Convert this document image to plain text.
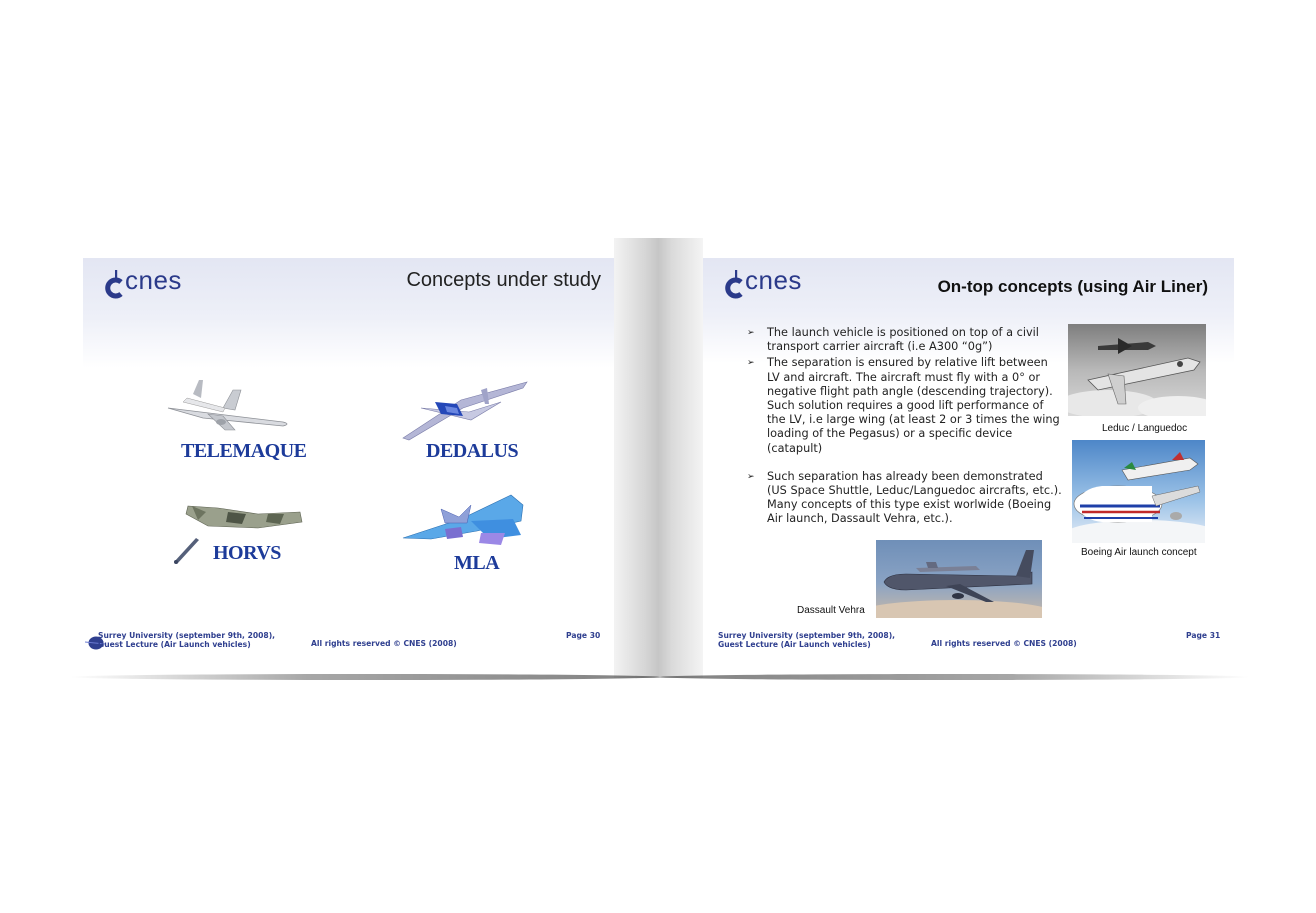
cnes	Concepts under study
TELEMAQUE	DEDALUS
HORVS	MLA
Surrey University (september 9th, 2008),
Guest Lecture (Air Launch vehicles)	All rights reserved © CNES (2008)
Page 30
cnes	On-top concepts (using Air Liner)
➢ The launch vehicle is positioned on top of a civil transport carrier aircraft (i.e A300 “0g”)
➢ The separation is ensured by relative lift between LV and aircraft. The aircraft must fly with a 0° or negative flight path angle (descending trajectory). Such solution requires a good lift performance of the LV, i.e large wing (at least 2 or 3 times the wing loading of the Pegasus) or a specific device (catapult)
➢ Such separation has already been demonstrated (US Space Shuttle, Leduc/Languedoc aircrafts, etc.). Many concepts of this type exist worlwide (Boeing Air launch, Dassault Vehra, etc.).
Leduc / Languedoc
Boeing Air launch concept
Dassault Vehra
Surrey University (september 9th, 2008),
Guest Lecture (Air Launch vehicles)	All rights reserved © CNES (2008)
Page 31
